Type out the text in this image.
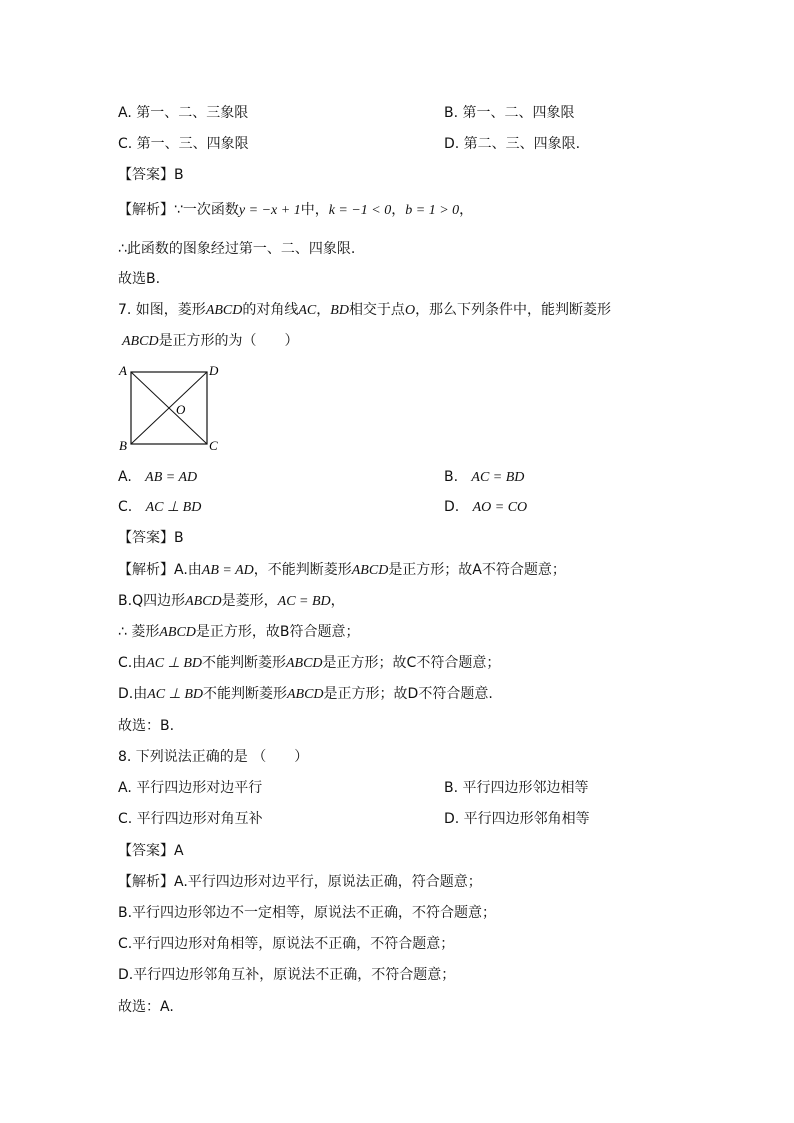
A. 第一、二、三象限	B. 第一、二、四象限
C. 第一、三、四象限	D. 第二、三、四象限.
【答案】B
【解析】∵一次函数y = −x + 1中，k = −1 < 0，b = 1 > 0，
∴此函数的图象经过第一、二、四象限.
故选B.
7. 如图，菱形ABCD的对角线AC，BD相交于点O，那么下列条件中，能判断菱形
ABCD是正方形的为（　　）
A	D
B	C
O
A. AB = AD	B. AC = BD
C. AC ⊥ BD	D. AO = CO
【答案】B
【解析】A.由AB = AD，不能判断菱形ABCD是正方形；故A不符合题意；
B.Q四边形ABCD是菱形，AC = BD，
∴ 菱形ABCD是正方形，故B符合题意；
C.由AC ⊥ BD不能判断菱形ABCD是正方形；故C不符合题意；
D.由AC ⊥ BD不能判断菱形ABCD是正方形；故D不符合题意.
故选：B.
8. 下列说法正确的是 （　　）
A. 平行四边形对边平行	B. 平行四边形邻边相等
C. 平行四边形对角互补	D. 平行四边形邻角相等
【答案】A
【解析】A.平行四边形对边平行，原说法正确，符合题意；
B.平行四边形邻边不一定相等，原说法不正确，不符合题意；
C.平行四边形对角相等，原说法不正确，不符合题意；
D.平行四边形邻角互补，原说法不正确，不符合题意；
故选：A.
